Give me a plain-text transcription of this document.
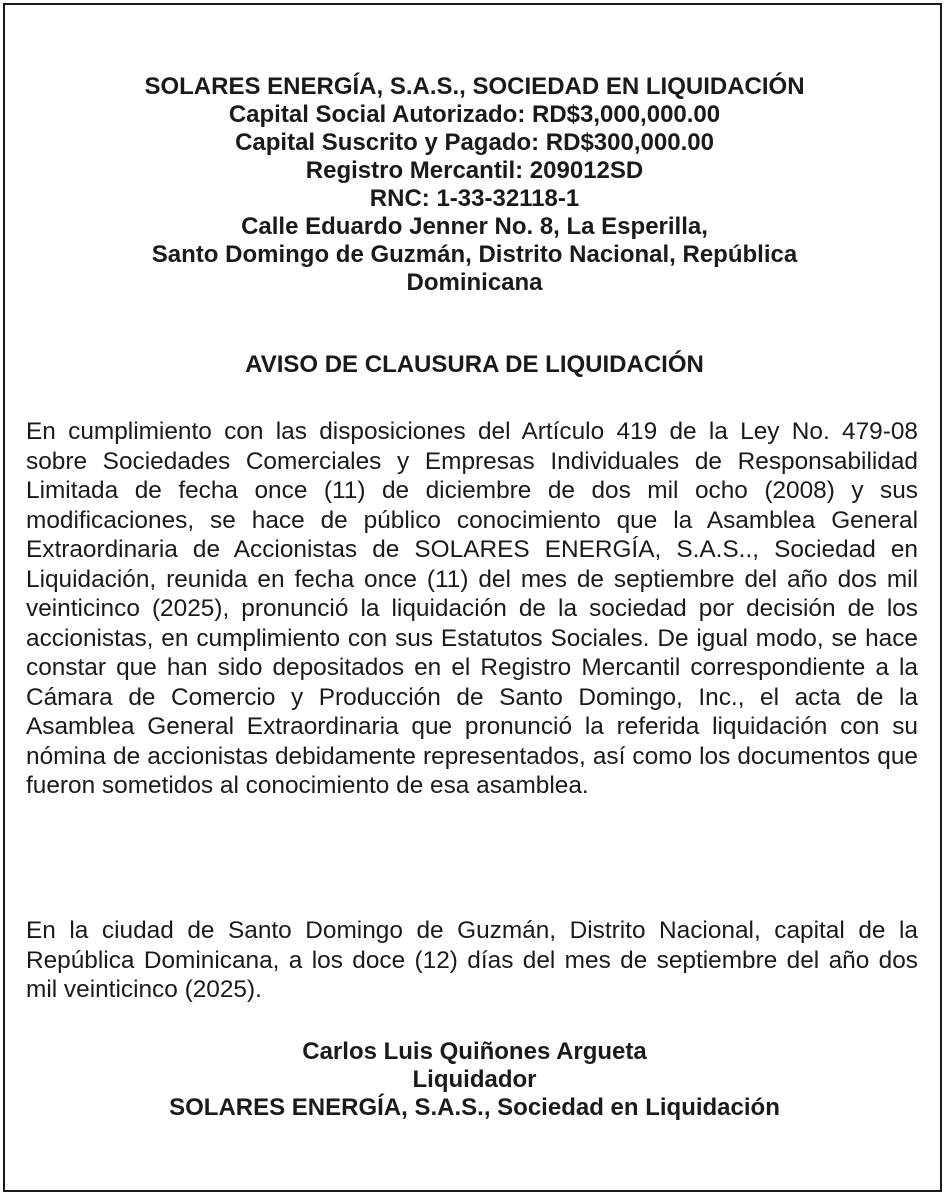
SOLARES ENERGÍA, S.A.S., SOCIEDAD EN LIQUIDACIÓN
Capital Social Autorizado: RD$3,000,000.00
Capital Suscrito y Pagado: RD$300,000.00
Registro Mercantil: 209012SD
RNC: 1-33-32118-1
Calle Eduardo Jenner No. 8, La Esperilla,
Santo Domingo de Guzmán, Distrito Nacional, República
Dominicana
AVISO DE CLAUSURA DE LIQUIDACIÓN

En cumplimiento con las disposiciones del Artículo 419 de la Ley No. 479-08 sobre Sociedades Comerciales y Empresas Individuales de Responsabilidad Limitada de fecha once (11) de diciembre de dos mil ocho (2008) y sus modificaciones, se hace de público conocimiento que la Asamblea General Extraordinaria de Accionistas de SOLARES ENERGÍA, S.A.S.., Sociedad en Liquidación, reunida en fecha once (11) del mes de septiembre del año dos mil veinticinco (2025), pronunció la liquidación de la sociedad por decisión de los accionistas, en cumplimiento con sus Estatutos Sociales. De igual modo, se hace constar que han sido depositados en el Registro Mercantil correspondiente a la Cámara de Comercio y Producción de Santo Domingo, Inc., el acta de la Asamblea General Extraordinaria que pronunció la referida liquidación con su nómina de accionistas debidamente representados, así como los documentos que fueron sometidos al conocimiento de esa asamblea.

En la ciudad de Santo Domingo de Guzmán, Distrito Nacional, capital de la República Dominicana, a los doce (12) días del mes de septiembre del año dos mil veinticinco (2025).

Carlos Luis Quiñones Argueta
Liquidador
SOLARES ENERGÍA, S.A.S., Sociedad en Liquidación
